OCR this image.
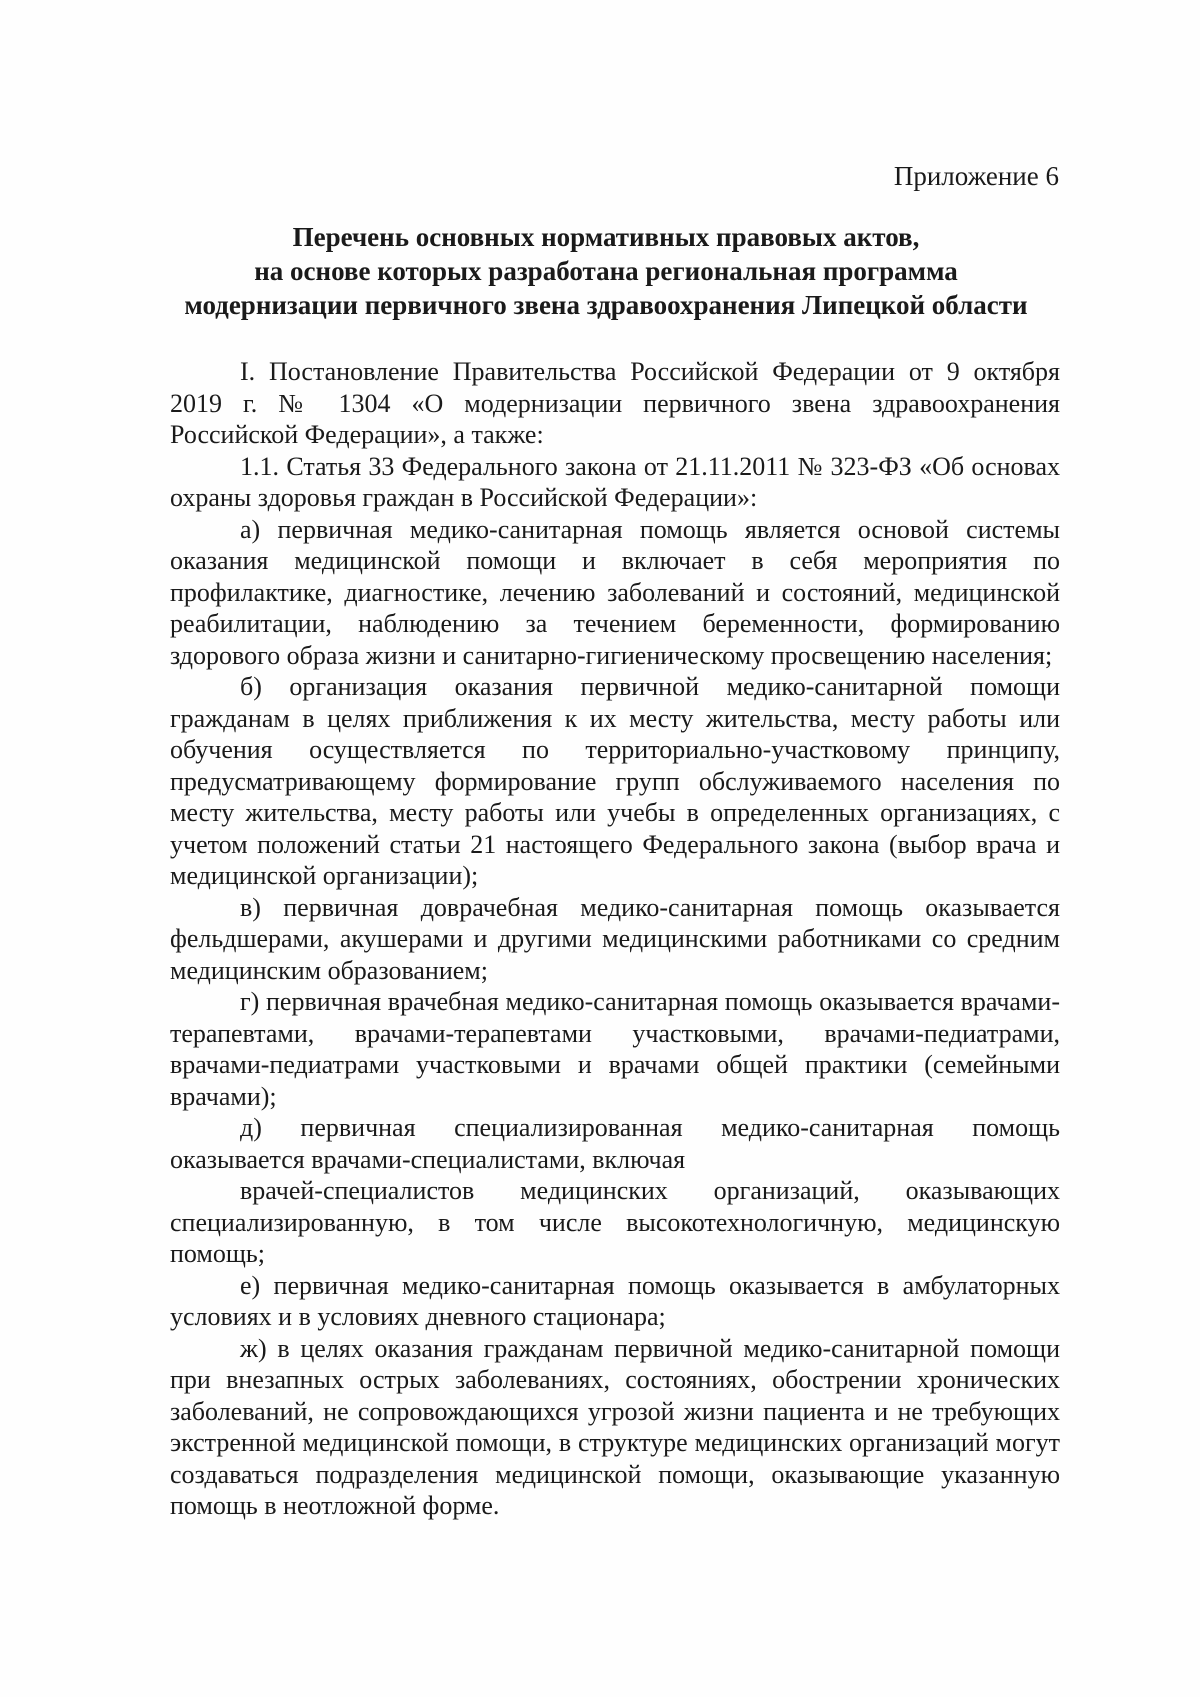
Приложение 6
Перечень основных нормативных правовых актов,
на основе которых разработана региональная программа
модернизации первичного звена здравоохранения Липецкой области

I. Постановление Правительства Российской Федерации от 9 октября 2019 г. № 1304 «О модернизации первичного звена здравоохранения Российской Федерации», а также:

1.1. Статья 33 Федерального закона от 21.11.2011 № 323-ФЗ «Об основах охраны здоровья граждан в Российской Федерации»:

а) первичная медико-санитарная помощь является основой системы оказания медицинской помощи и включает в себя мероприятия по профилактике, диагностике, лечению заболеваний и состояний, медицинской реабилитации, наблюдению за течением беременности, формированию здорового образа жизни и санитарно-гигиеническому просвещению населения;

б) организация оказания первичной медико-санитарной помощи гражданам в целях приближения к их месту жительства, месту работы или обучения осуществляется по территориально-участковому принципу, предусматривающему формирование групп обслуживаемого населения по месту жительства, месту работы или учебы в определенных организациях, с учетом положений статьи 21 настоящего Федерального закона (выбор врача и медицинской организации);

в) первичная доврачебная медико-санитарная помощь оказывается фельдшерами, акушерами и другими медицинскими работниками со средним медицинским образованием;

г) первичная врачебная медико-санитарная помощь оказывается врачами-терапевтами, врачами-терапевтами участковыми, врачами-педиатрами, врачами-педиатрами участковыми и врачами общей практики (семейными врачами);

д) первичная специализированная медико-санитарная помощь оказывается врачами-специалистами, включая

врачей-специалистов медицинских организаций, оказывающих специализированную, в том числе высокотехнологичную, медицинскую помощь;

е) первичная медико-санитарная помощь оказывается в амбулаторных условиях и в условиях дневного стационара;

ж) в целях оказания гражданам первичной медико-санитарной помощи при внезапных острых заболеваниях, состояниях, обострении хронических заболеваний, не сопровождающихся угрозой жизни пациента и не требующих экстренной медицинской помощи, в структуре медицинских организаций могут создаваться подразделения медицинской помощи, оказывающие указанную помощь в неотложной форме.
